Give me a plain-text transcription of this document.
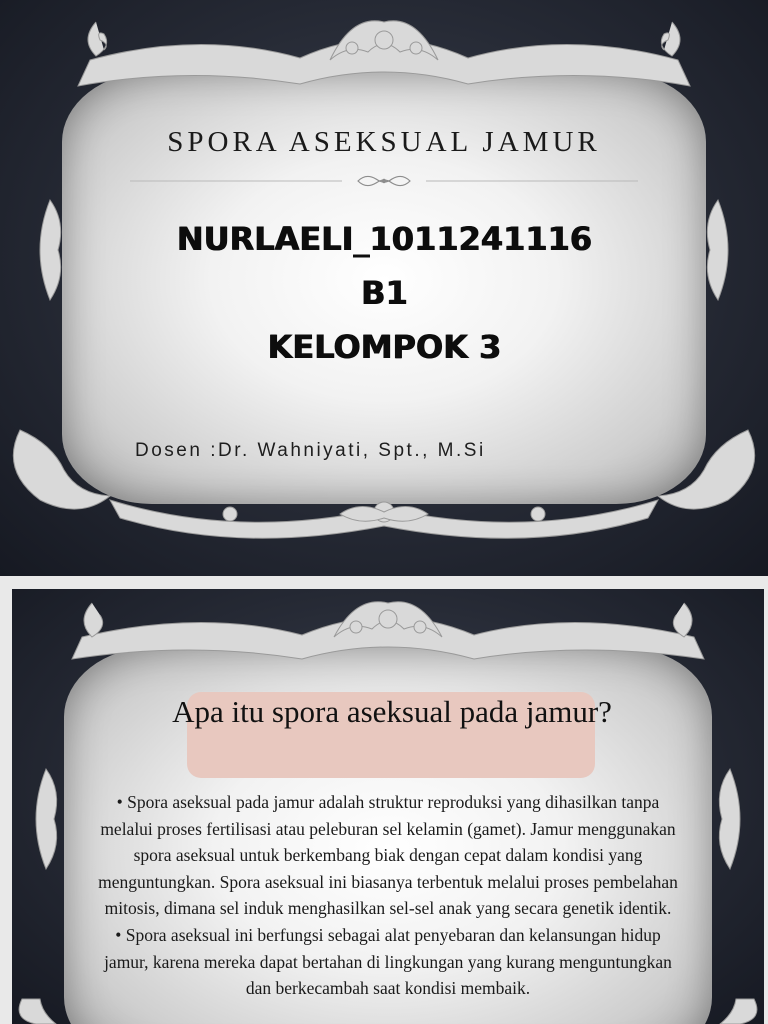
SPORA ASEKSUAL JAMUR
NURLAELI_1011241116
B1
KELOMPOK 3
Dosen :Dr. Wahniyati, Spt., M.Si
Apa itu spora aseksual pada jamur?

• Spora aseksual pada jamur adalah struktur reproduksi yang dihasilkan tanpa melalui proses fertilisasi atau peleburan sel kelamin (gamet). Jamur menggunakan spora aseksual untuk berkembang biak dengan cepat dalam kondisi yang menguntungkan. Spora aseksual ini biasanya terbentuk melalui proses pembelahan mitosis, dimana sel induk menghasilkan sel-sel anak yang secara genetik identik.

• Spora aseksual ini berfungsi sebagai alat penyebaran dan kelansungan hidup jamur, karena mereka dapat bertahan di lingkungan yang kurang menguntungkan dan berkecambah saat kondisi membaik.
